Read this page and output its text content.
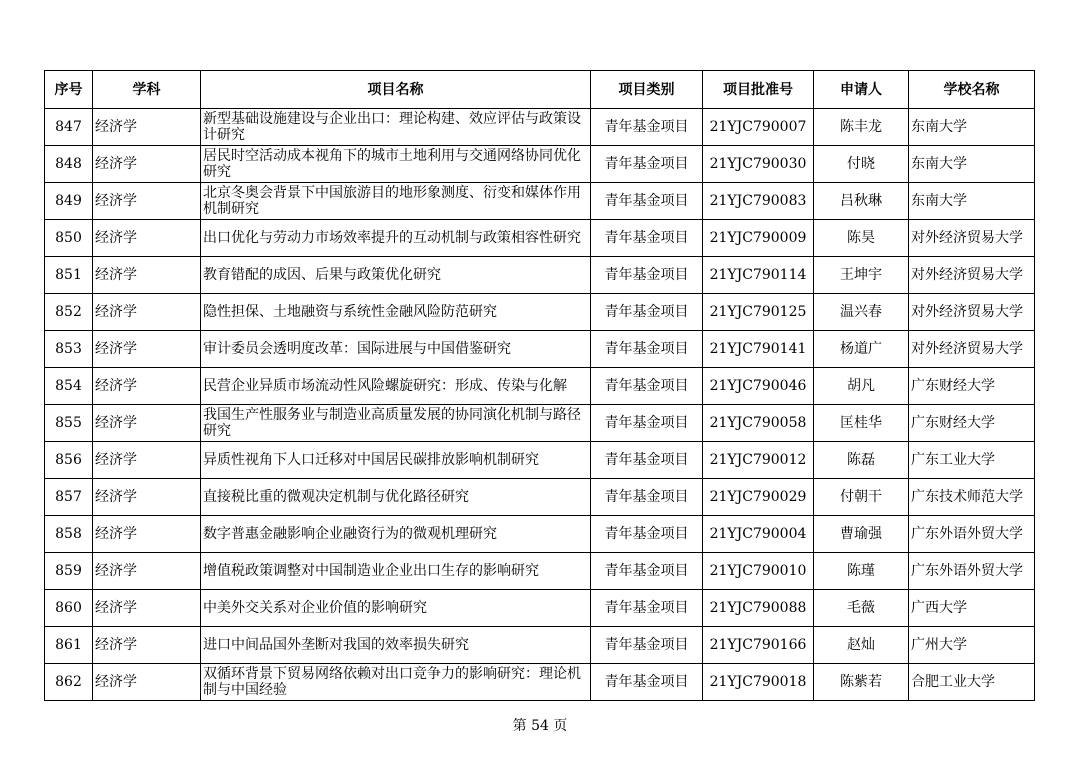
序号	学科	项目名称	项目类别	项目批准号	申请人	学校名称
847	经济学	新型基础设施建设与企业出口：理论构建、效应评估与政策设计研究	青年基金项目	21YJC790007	陈丰龙	东南大学
848	经济学	居民时空活动成本视角下的城市土地利用与交通网络协同优化研究	青年基金项目	21YJC790030	付晓	东南大学
849	经济学	北京冬奥会背景下中国旅游目的地形象测度、衍变和媒体作用机制研究	青年基金项目	21YJC790083	吕秋琳	东南大学
850	经济学	出口优化与劳动力市场效率提升的互动机制与政策相容性研究	青年基金项目	21YJC790009	陈昊	对外经济贸易大学
851	经济学	教育错配的成因、后果与政策优化研究	青年基金项目	21YJC790114	王坤宇	对外经济贸易大学
852	经济学	隐性担保、土地融资与系统性金融风险防范研究	青年基金项目	21YJC790125	温兴春	对外经济贸易大学
853	经济学	审计委员会透明度改革：国际进展与中国借鉴研究	青年基金项目	21YJC790141	杨道广	对外经济贸易大学
854	经济学	民营企业异质市场流动性风险螺旋研究：形成、传染与化解	青年基金项目	21YJC790046	胡凡	广东财经大学
855	经济学	我国生产性服务业与制造业高质量发展的协同演化机制与路径研究	青年基金项目	21YJC790058	匡桂华	广东财经大学
856	经济学	异质性视角下人口迁移对中国居民碳排放影响机制研究	青年基金项目	21YJC790012	陈磊	广东工业大学
857	经济学	直接税比重的微观决定机制与优化路径研究	青年基金项目	21YJC790029	付朝干	广东技术师范大学
858	经济学	数字普惠金融影响企业融资行为的微观机理研究	青年基金项目	21YJC790004	曹瑜强	广东外语外贸大学
859	经济学	增值税政策调整对中国制造业企业出口生存的影响研究	青年基金项目	21YJC790010	陈瑾	广东外语外贸大学
860	经济学	中美外交关系对企业价值的影响研究	青年基金项目	21YJC790088	毛薇	广西大学
861	经济学	进口中间品国外垄断对我国的效率损失研究	青年基金项目	21YJC790166	赵灿	广州大学
862	经济学	双循环背景下贸易网络依赖对出口竞争力的影响研究：理论机制与中国经验	青年基金项目	21YJC790018	陈紫若	合肥工业大学
第 54 页
